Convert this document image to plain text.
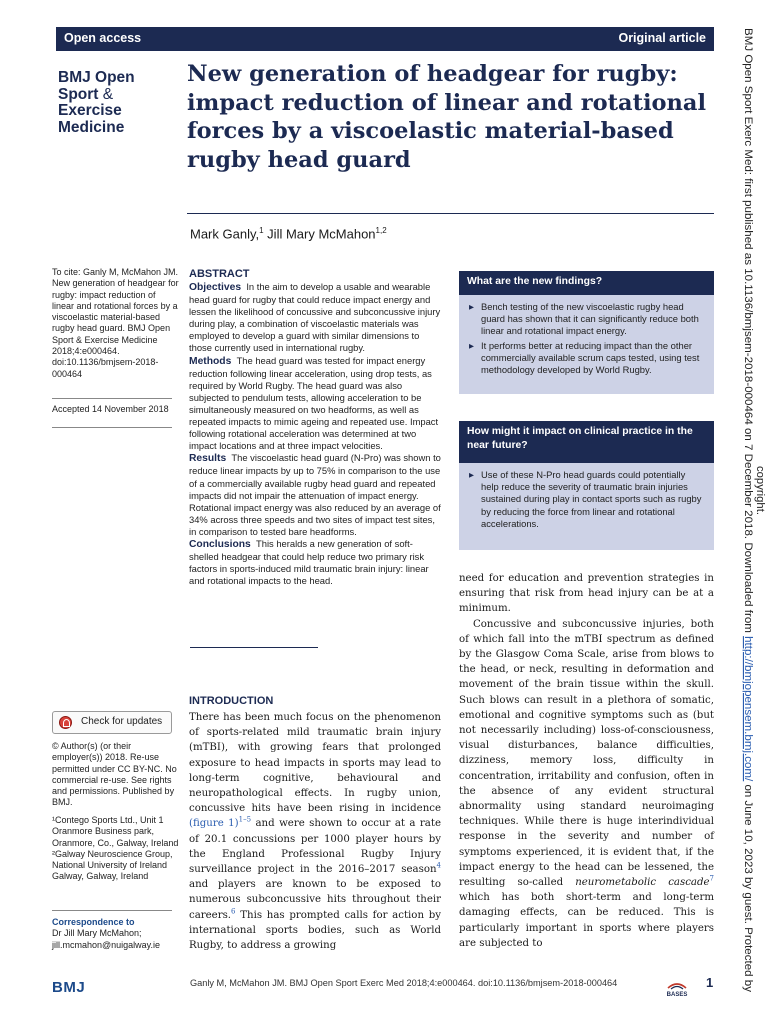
Open access	Original article
BMJ Open
Sport &
Exercise
Medicine
New generation of headgear for rugby: impact reduction of linear and rotational forces by a viscoelastic material-based rugby head guard
Mark Ganly,$^1$ Jill Mary McMahon$^{1,2}$
To cite: Ganly M, McMahon JM. New generation of headgear for rugby: impact reduction of linear and rotational forces by a viscoelastic material-based rugby head guard. BMJ Open Sport & Exercise Medicine 2018;4:e000464. doi:10.1136/bmjsem-2018-000464
Accepted 14 November 2018
Check for updates
© Author(s) (or their employer(s)) 2018. Re-use permitted under CC BY-NC. No commercial re-use. See rights and permissions. Published by BMJ.
¹Contego Sports Ltd., Unit 1 Oranmore Business park, Oranmore, Co., Galway, Ireland
²Galway Neuroscience Group, National University of Ireland Galway, Galway, Ireland
Correspondence to
Dr Jill Mary McMahon; jill.mcmahon@nuigalway.ie
ABSTRACT
Objectives In the aim to develop a usable and wearable head guard for rugby that could reduce impact energy and lessen the likelihood of concussive and subconcussive injury during play, a combination of viscoelastic materials was employed to develop a guard with similar dimensions to those currently used in international rugby.
Methods The head guard was tested for impact energy reduction following linear acceleration, using drop tests, as required by World Rugby. The head guard was also subjected to pendulum tests, allowing acceleration to be simultaneously measured on two headforms, as well as repeated impacts to mimic ageing and repeated use. Impact following rotational acceleration was determined at two impact locations and at three impact velocities.
Results The viscoelastic head guard (N-Pro) was shown to reduce linear impacts by up to 75% in comparison to the use of a commercially available rugby head guard and repeated impacts did not impair the attenuation of impact energy. Rotational impact energy was also reduced by an average of 34% across three speeds and two sites of impact test sites, in comparison to tested bare headforms.
Conclusions This heralds a new generation of soft-shelled headgear that could help reduce two primary risk factors in sports-induced mild traumatic brain injury: linear and rotational impacts to the head.
INTRODUCTION
There has been much focus on the phenomenon of sports-related mild traumatic brain injury (mTBI), with growing fears that prolonged exposure to head impacts in sports may lead to long-term cognitive, behavioural and neuropathological effects. In rugby union, concussive hits have been rising in incidence (figure 1)$^{1-5}$ and were shown to occur at a rate of 20.1 concussions per 1000 player hours by the England Professional Rugby Injury surveillance project in the 2016–2017 season$^4$ and players are known to be exposed to numerous subconcussive hits throughout their careers.$^6$ This has prompted calls for action by international sports bodies, such as World Rugby, to address a growing
What are the new findings?
▶ Bench testing of the new viscoelastic rugby head guard has shown that it can significantly reduce both linear and rotational impact energy.
▶ It performs better at reducing impact than the other commercially available scrum caps tested, using test methodology developed by World Rugby.
How might it impact on clinical practice in the near future?
▶ Use of these N-Pro head guards could potentially help reduce the severity of traumatic brain injuries sustained during play in contact sports such as rugby by reducing the force from linear and rotational accelerations.
need for education and prevention strategies in ensuring that risk from head injury can be at a minimum.
Concussive and subconcussive injuries, both of which fall into the mTBI spectrum as defined by the Glasgow Coma Scale, arise from blows to the head, or neck, resulting in deformation and movement of the brain tissue within the skull. Such blows can result in a plethora of somatic, emotional and cognitive symptoms such as (but not necessarily including) loss-of-consciousness, visual disturbances, balance difficulties, dizziness, memory loss, difficulty in concentration, irritability and confusion, often in the absence of any evident structural abnormality using standard neuroimaging techniques. While there is huge interindividual response in the severity and number of symptoms experienced, it is evident that, if the impact energy to the head can be lessened, the resulting so-called neurometabolic cascade$^7$ which has both short-term and long-term damaging effects, can be reduced. This is particularly important in sports where players are subjected to
BMJ Open Sport Exerc Med: first published as 10.1136/bmjsem-2018-000464 on 7 December 2018. Downloaded from http://bmjopensem.bmj.com/ on June 10, 2023 by guest. Protected by
copyright.
BMJ	Ganly M, McMahon JM. BMJ Open Sport Exerc Med 2018;4:e000464. doi:10.1136/bmjsem-2018-000464
BASES
1
